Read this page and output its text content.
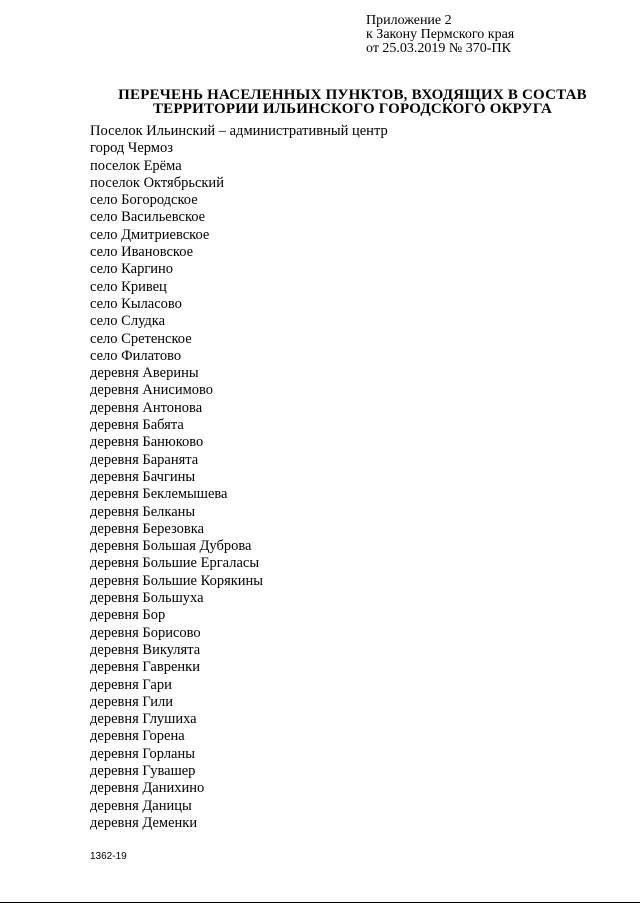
Приложение 2
к Закону Пермского края
от 25.03.2019 № 370-ПК
ПЕРЕЧЕНЬ НАСЕЛЕННЫХ ПУНКТОВ, ВХОДЯЩИХ В СОСТАВ
ТЕРРИТОРИИ ИЛЬИНСКОГО ГОРОДСКОГО ОКРУГА
Поселок Ильинский – административный центр
город Чермоз
поселок Ерёма
поселок Октябрьский
село Богородское
село Васильевское
село Дмитриевское
село Ивановское
село Каргино
село Кривец
село Кыласово
село Слудка
село Сретенское
село Филатово
деревня Аверины
деревня Анисимово
деревня Антонова
деревня Бабята
деревня Банюково
деревня Баранята
деревня Бачгины
деревня Беклемышева
деревня Белканы
деревня Березовка
деревня Большая Дуброва
деревня Большие Ергаласы
деревня Большие Корякины
деревня Большуха
деревня Бор
деревня Борисово
деревня Викулята
деревня Гавренки
деревня Гари
деревня Гили
деревня Глушиха
деревня Горена
деревня Горланы
деревня Гувашер
деревня Данихино
деревня Даницы
деревня Деменки
1362-19
